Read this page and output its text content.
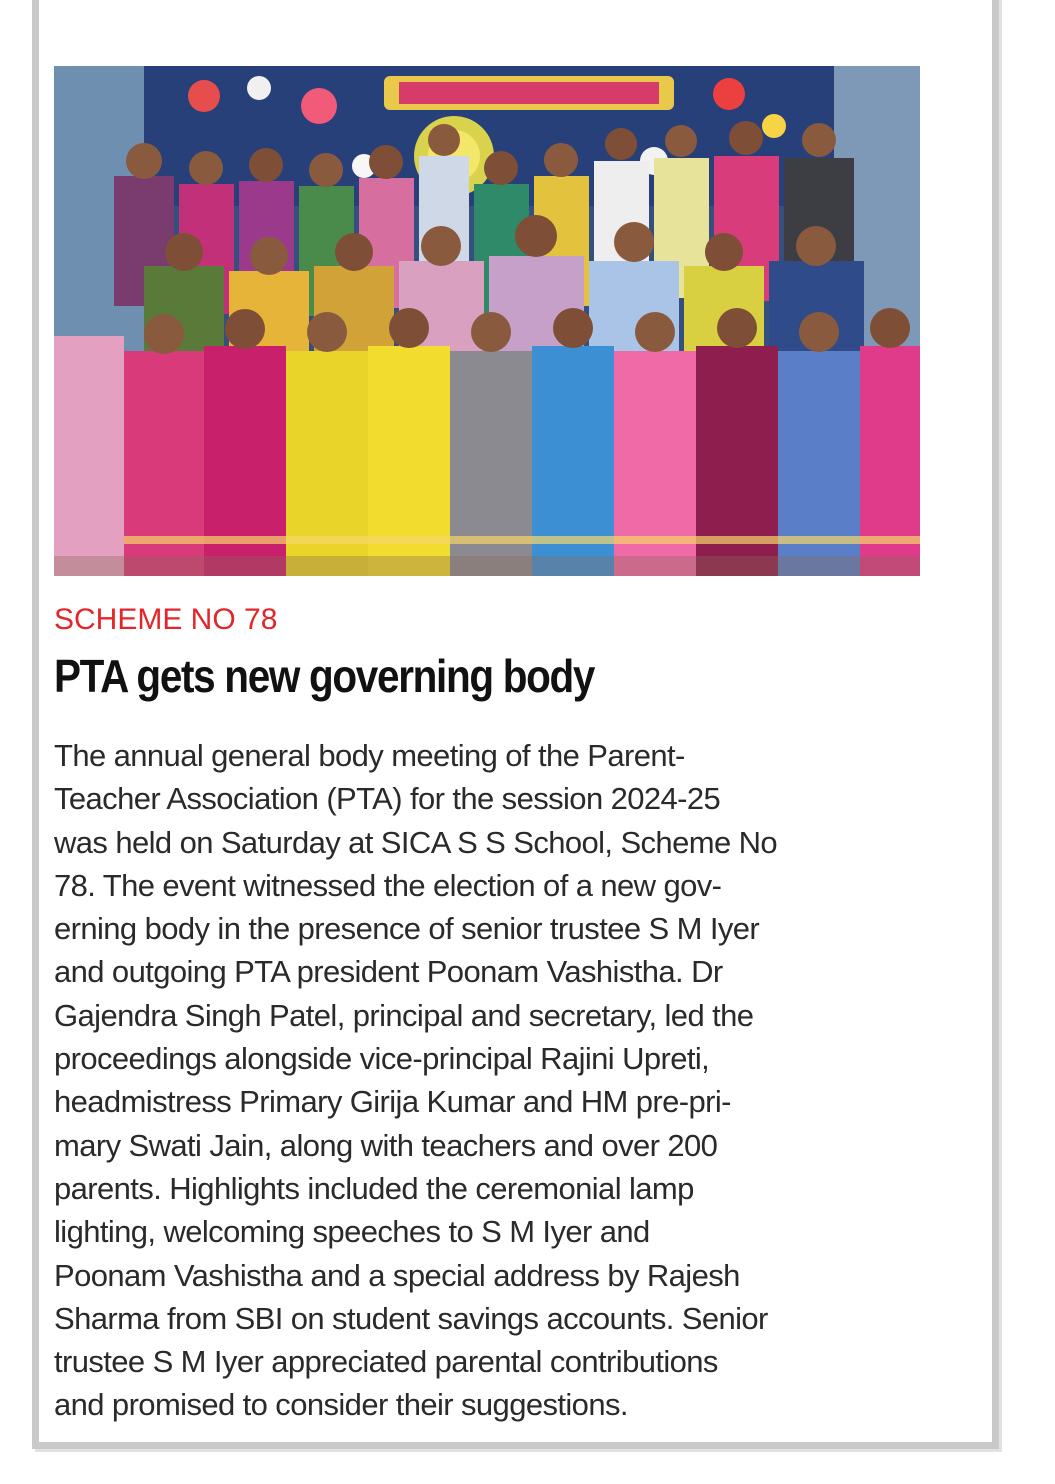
SCHEME NO 78

PTA gets new governing body
The annual general body meeting of the Parent-
Teacher Association (PTA) for the session 2024-25
was held on Saturday at SICA S S School, Scheme No
78. The event witnessed the election of a new gov-
erning body in the presence of senior trustee S M Iyer
and outgoing PTA president Poonam Vashistha. Dr
Gajendra Singh Patel, principal and secretary, led the
proceedings alongside vice-principal Rajini Upreti,
headmistress Primary Girija Kumar and HM pre-pri-
mary Swati Jain, along with teachers and over 200
parents. Highlights included the ceremonial lamp
lighting, welcoming speeches to S M Iyer and
Poonam Vashistha and a special address by Rajesh
Sharma from SBI on student savings accounts. Senior
trustee S M Iyer appreciated parental contributions
and promised to consider their suggestions.
